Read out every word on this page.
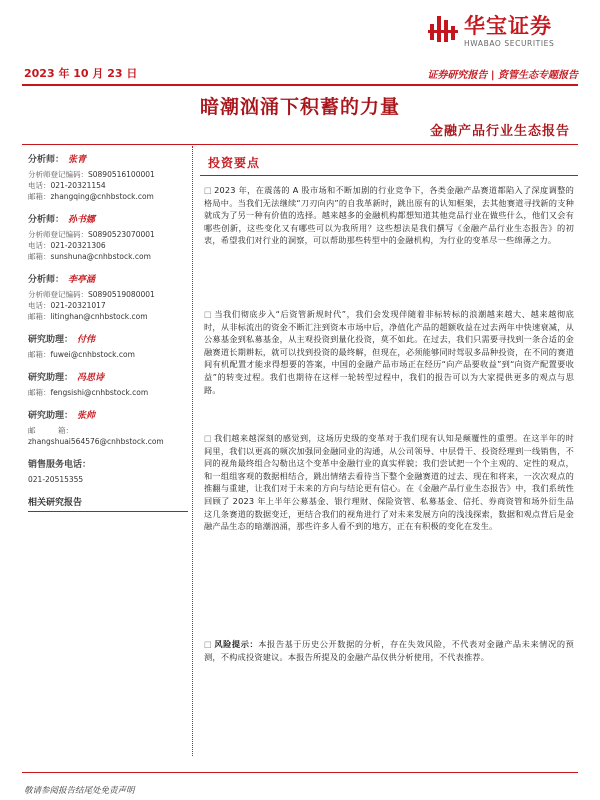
华宝证券
HWABAO SECURITIES
2023 年 10 月 23 日	证券研究报告 | 资管生态专题报告
暗潮汹涌下积蓄的力量
金融产品行业生态报告
分析师： 张青
分析师登记编码：S0890516100001
电话：021-20321154
邮箱：zhangqing@cnhbstock.com
分析师： 孙书娜
分析师登记编码：S0890523070001
电话：021-20321306
邮箱：sunshuna@cnhbstock.com
分析师： 李亭涵
分析师登记编码：S0890519080001
电话：021-20321017
邮箱：litinghan@cnhbstock.com
研究助理： 付伟
邮箱：fuwei@cnhbstock.com
研究助理： 冯思诗
邮箱：fengsishi@cnhbstock.com
研究助理： 张帅
邮　　　箱：
zhangshuai564576@cnhbstock.com
销售服务电话：
021-20515355
相关研究报告
投资要点
□ 2023 年，在震荡的 A 股市场和不断加剧的行业竞争下，各类金融产品赛道都陷入了深度调整的格局中。当我们无法继续“刀刃向内”的自我革新时，跳出原有的认知框架，去其他赛道寻找新的支种就成为了另一种有价值的选择。越来越多的金融机构都想知道其他竞品行业在做些什么，他们又会有哪些创新，这些变化又有哪些可以为我所用？这些想法是我们撰写《金融产品行业生态报告》的初衷，希望我们对行业的洞察，可以帮助那些转型中的金融机构，为行业的变革尽一些绵薄之力。
□ 当我们彻底步入“后资管新规时代”，我们会发现伴随着非标转标的浪潮越来越大、越来越彻底时，从非标流出的资金不断汇注到资本市场中后，净值化产品的超额收益在过去两年中快速衰减，从公募基金到私募基金，从主观投资到量化投资，莫不如此。在过去，我们只需要寻找到一条合适的金融赛道长期耕耘，就可以找到投资的最终解，但现在，必须能够同时驾驭多品种投资，在不同的赛道间有机配置才能求得想要的答案，中国的金融产品市场正在经历“向产品要收益”到“向资产配置要收益”的转变过程。我们也期待在这样一轮转型过程中，我们的报告可以为大家提供更多的观点与思路。
□ 我们越来越深刻的感觉到，这场历史级的变革对于我们现有认知是颠覆性的重塑。在这半年的时间里，我们以更高的频次加强同金融同业的沟通，从公司领导、中层骨干、投资经理到一线销售，不同的视角最终组合勾勒出这个变革中金融行业的真实样貌；我们尝试把一个个主观的、定性的观点，和一组组客观的数据相结合，跳出情绪去看待当下整个金融赛道的过去、现在和将来，一次次观点的推翻与重建，让我们对于未来的方向与结论更有信心。在《金融产品行业生态报告》中，我们系统性回顾了 2023 年上半年公募基金、银行理财、保险资管、私募基金、信托、券商资管和场外衍生品这几条赛道的数据变迁，更结合我们的视角进行了对未来发展方向的浅浅探索，数据和观点背后是金融产品生态的暗潮汹涌，那些许多人看不到的地方，正在有积极的变化在发生。
□ 风险提示：本报告基于历史公开数据的分析，存在失效风险，不代表对金融产品未来情况的预测，不构成投资建议。本报告所提及的金融产品仅供分析使用，不代表推荐。
敬请参阅报告结尾处免责声明
